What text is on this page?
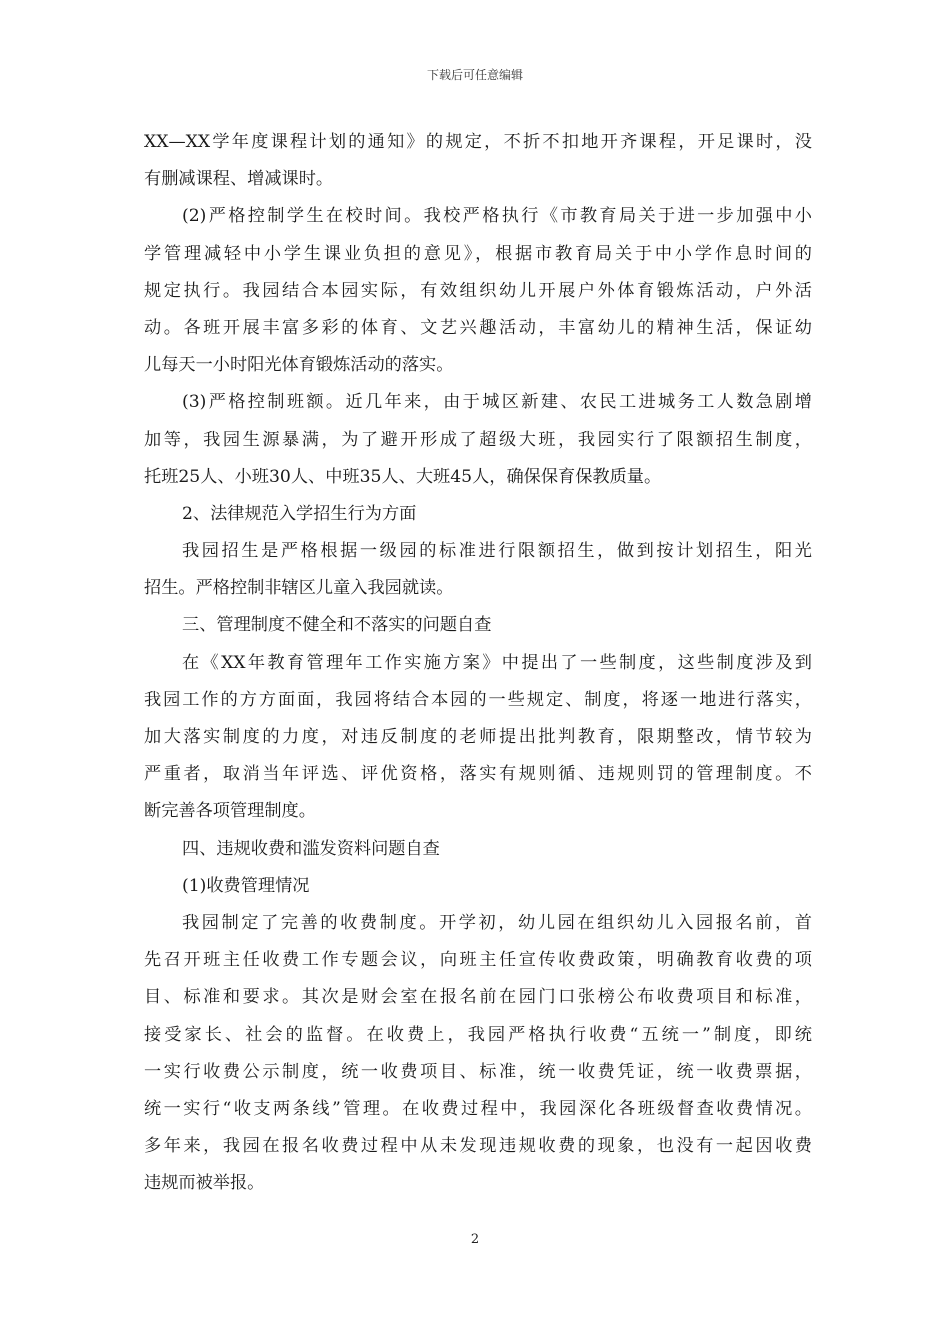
下载后可任意编辑
XX—XX学年度课程计划的通知》的规定，不折不扣地开齐课程，开足课时，没
有删减课程、增减课时。
(2)严格控制学生在校时间。我校严格执行《市教育局关于进一步加强中小
学管理减轻中小学生课业负担的意见》，根据市教育局关于中小学作息时间的
规定执行。我园结合本园实际，有效组织幼儿开展户外体育锻炼活动，户外活
动。各班开展丰富多彩的体育、文艺兴趣活动，丰富幼儿的精神生活，保证幼
儿每天一小时阳光体育锻炼活动的落实。
(3)严格控制班额。近几年来，由于城区新建、农民工进城务工人数急剧增
加等，我园生源暴满，为了避开形成了超级大班，我园实行了限额招生制度，
托班25人、小班30人、中班35人、大班45人，确保保育保教质量。
2、法律规范入学招生行为方面
我园招生是严格根据一级园的标准进行限额招生，做到按计划招生，阳光
招生。严格控制非辖区儿童入我园就读。
三、管理制度不健全和不落实的问题自查
在《XX年教育管理年工作实施方案》中提出了一些制度，这些制度涉及到
我园工作的方方面面，我园将结合本园的一些规定、制度，将逐一地进行落实，
加大落实制度的力度，对违反制度的老师提出批判教育，限期整改，情节较为
严重者，取消当年评选、评优资格，落实有规则循、违规则罚的管理制度。不
断完善各项管理制度。
四、违规收费和滥发资料问题自查
(1)收费管理情况
我园制定了完善的收费制度。开学初，幼儿园在组织幼儿入园报名前，首
先召开班主任收费工作专题会议，向班主任宣传收费政策，明确教育收费的项
目、标准和要求。其次是财会室在报名前在园门口张榜公布收费项目和标准，
接受家长、社会的监督。在收费上，我园严格执行收费“五统一”制度，即统
一实行收费公示制度，统一收费项目、标准，统一收费凭证，统一收费票据，
统一实行“收支两条线”管理。在收费过程中，我园深化各班级督查收费情况。
多年来，我园在报名收费过程中从未发现违规收费的现象，也没有一起因收费
违规而被举报。
2
